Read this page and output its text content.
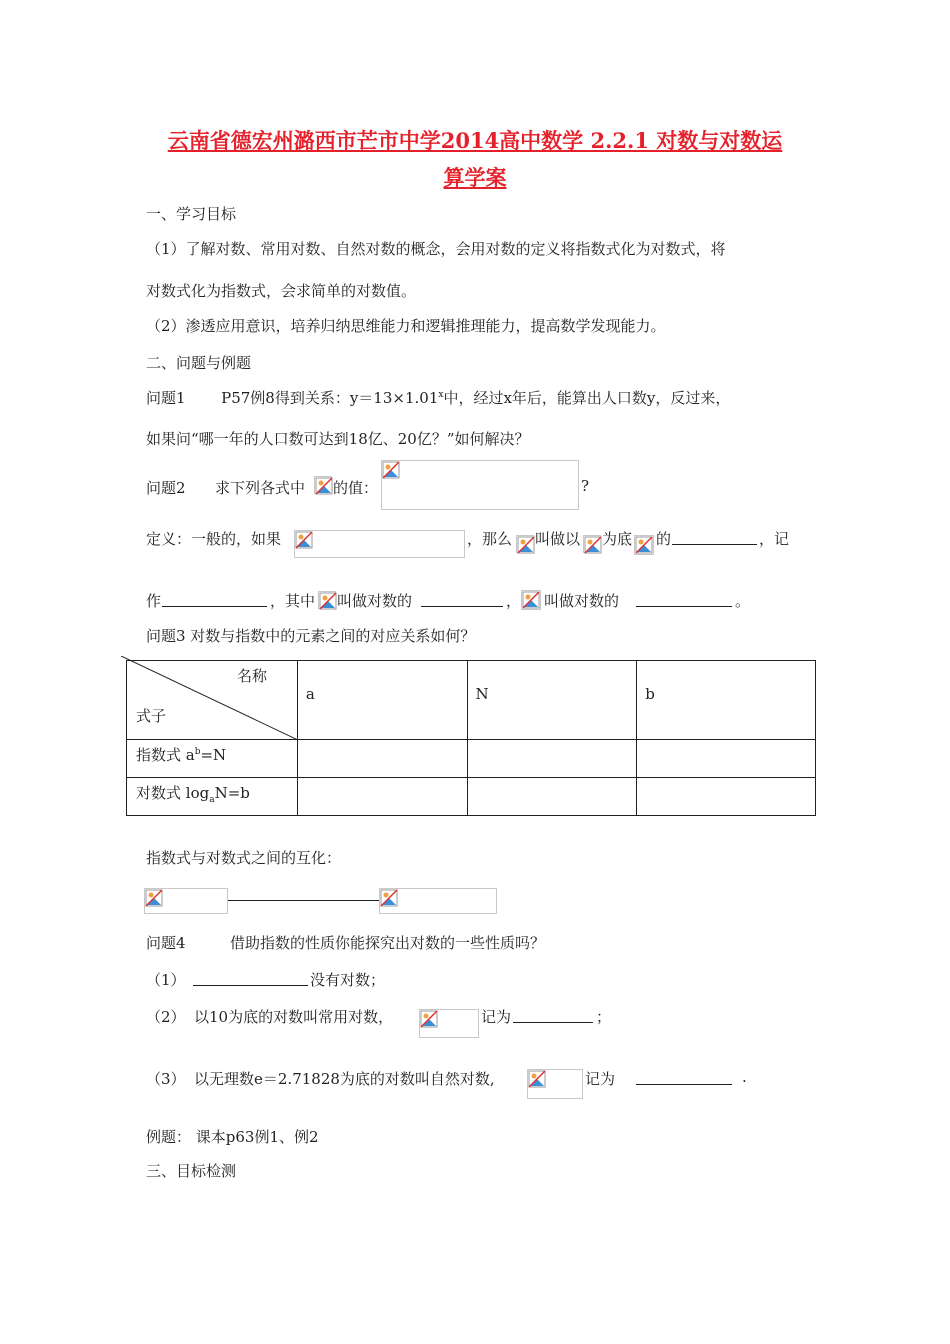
云南省德宏州潞西市芒市中学2014高中数学 2.2.1 对数与对数运
算学案
一、学习目标
（1）了解对数、常用对数、自然对数的概念，会用对数的定义将指数式化为对数式，将
对数式化为指数式，会求简单的对数值。
（2）渗透应用意识，培养归纳思维能力和逻辑推理能力，提高数学发现能力。
二、问题与例题
问题1 P57例8得到关系：$y=13\times 1.01^x$中，经过x年后，能算出人口数y，反过来，
如果问“哪一年的人口数可达到18亿、20亿？”如何解决？
问题2 求下列各式中 的值：	?
定义：一般的，如果	，那么 叫做以 为底 的	，记
作	，其中 叫做对数的	， 叫做对数的	。
问题3 对数与指数中的元素之间的对应关系如何？
名称
式子	a	N	b
指数式 $a^b=N$			
对数式 $\log_aN=b$			
指数式与对数式之间的互化：
问题4	借助指数的性质你能探究出对数的一些性质吗？
（1）	没有对数；
（2） 以10为底的对数叫常用对数，	记为	；
（3） 以无理数e＝2.71828为底的对数叫自然对数,	记为	.
例题： 课本p63例1、例2
三、目标检测
